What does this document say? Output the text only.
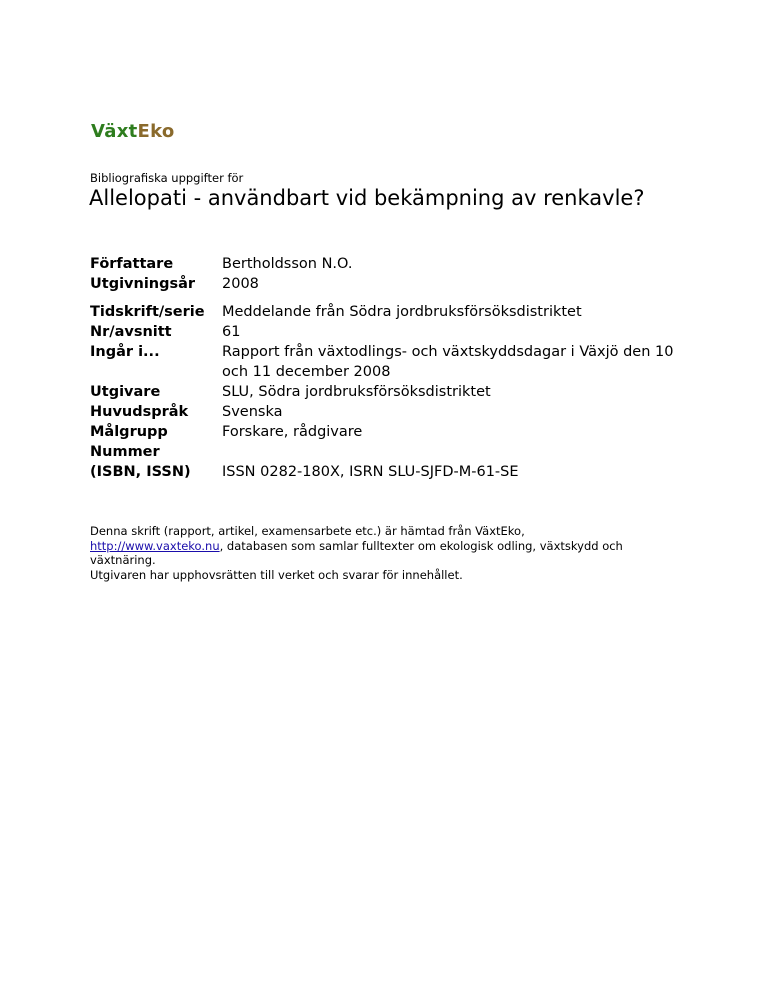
VäxtEko
Bibliografiska uppgifter för
Allelopati - användbart vid bekämpning av renkavle?
Författare	Bertholdsson N.O.
Utgivningsår	2008
Tidskrift/serie	Meddelande från Södra jordbruksförsöksdistriktet
Nr/avsnitt	61
Ingår i...	Rapport från växtodlings- och växtskyddsdagar i Växjö den 10 och 11 december 2008
Utgivare	SLU, Södra jordbruksförsöksdistriktet
Huvudspråk	Svenska
Målgrupp	Forskare, rådgivare
Nummer
(ISBN, ISSN)	ISSN 0282-180X, ISRN SLU-SJFD-M-61-SE
Denna skrift (rapport, artikel, examensarbete etc.) är hämtad från VäxtEko,
http://www.vaxteko.nu, databasen som samlar fulltexter om ekologisk odling, växtskydd och växtnäring.
Utgivaren har upphovsrätten till verket och svarar för innehållet.
